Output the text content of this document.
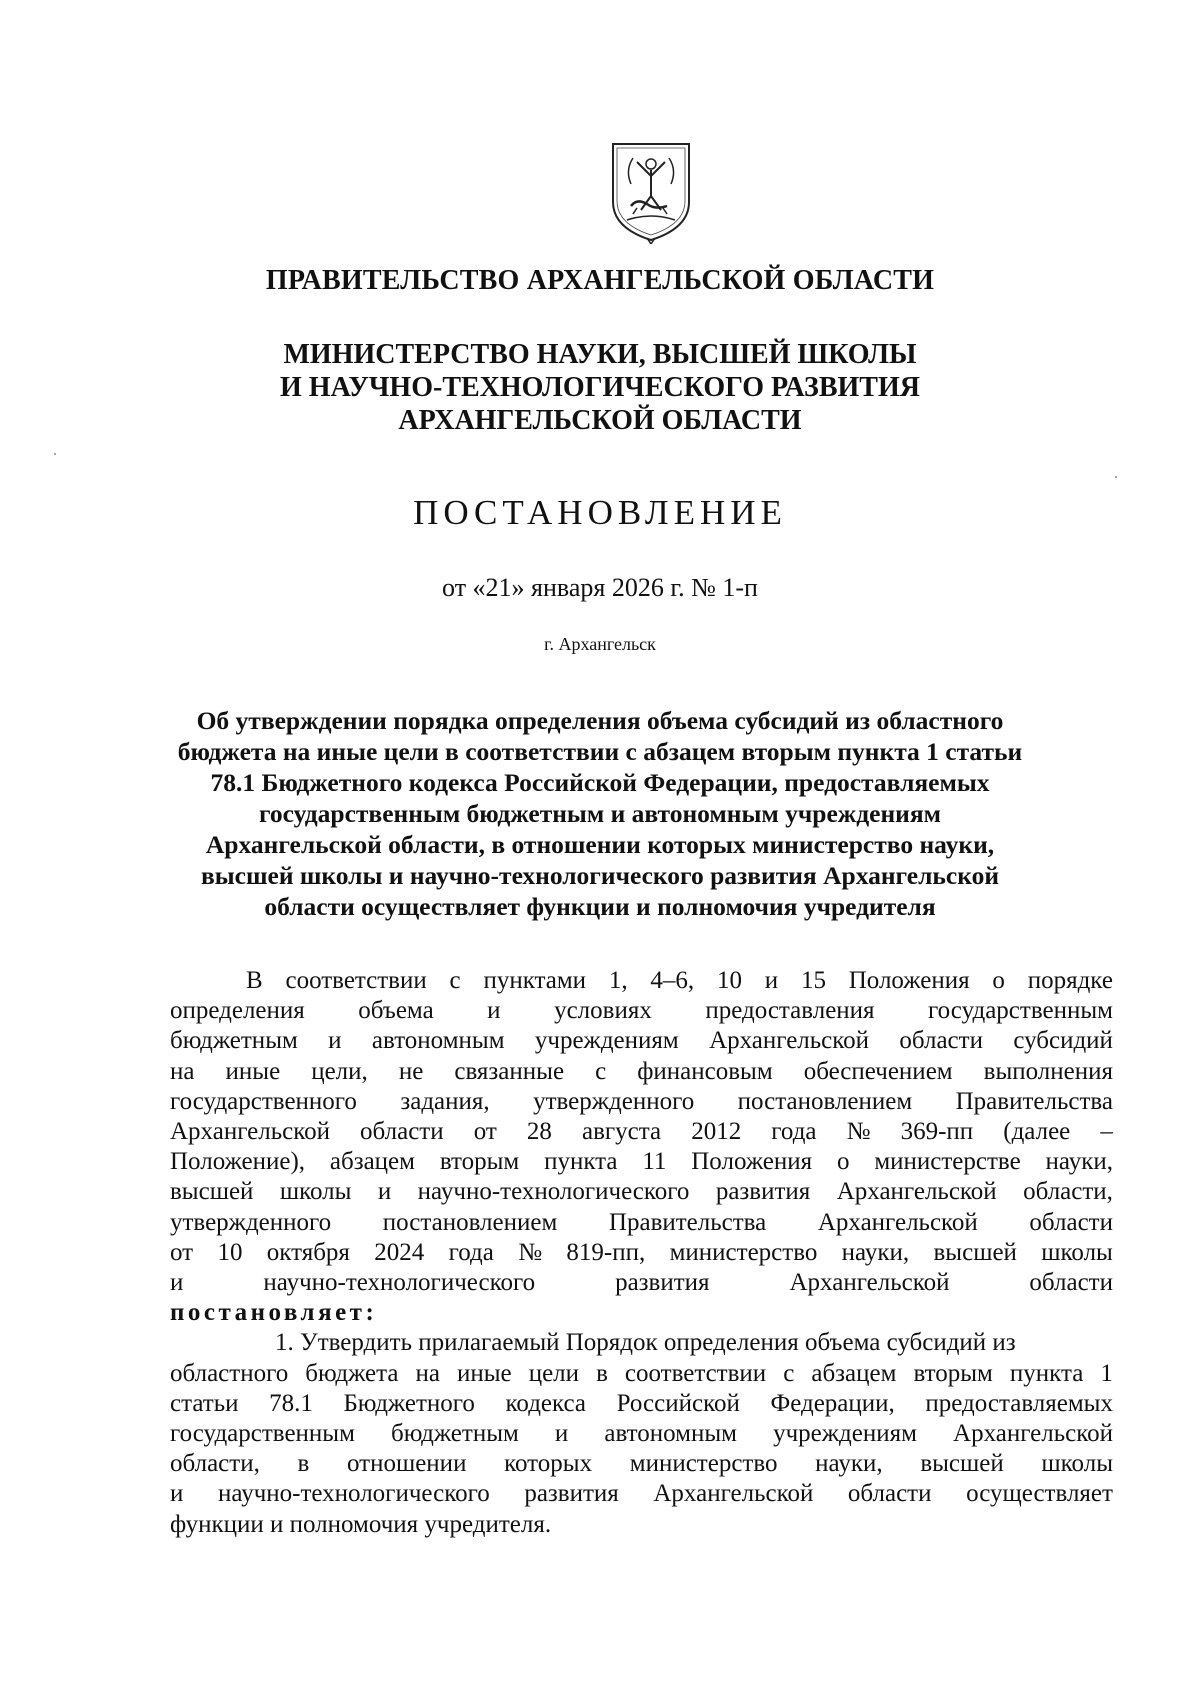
ПРАВИТЕЛЬСТВО АРХАНГЕЛЬСКОЙ ОБЛАСТИ
МИНИСТЕРСТВО НАУКИ, ВЫСШЕЙ ШКОЛЫ
И НАУЧНО-ТЕХНОЛОГИЧЕСКОГО РАЗВИТИЯ
АРХАНГЕЛЬСКОЙ ОБЛАСТИ
ПОСТАНОВЛЕНИЕ
от «21» января 2026 г. № 1-п
г. Архангельск
Об утверждении порядка определения объема субсидий из областного
бюджета на иные цели в соответствии с абзацем вторым пункта 1 статьи
78.1 Бюджетного кодекса Российской Федерации, предоставляемых
государственным бюджетным и автономным учреждениям
Архангельской области, в отношении которых министерство науки,
высшей школы и научно-технологического развития Архангельской
области осуществляет функции и полномочия учредителя
В соответствии с пунктами 1, 4–6, 10 и 15 Положения о порядке
определения объема и условиях предоставления государственным
бюджетным и автономным учреждениям Архангельской области субсидий
на иные цели, не связанные с финансовым обеспечением выполнения
государственного задания, утвержденного постановлением Правительства
Архангельской области от 28 августа 2012 года № 369-пп (далее –
Положение), абзацем вторым пункта 11 Положения о министерстве науки,
высшей школы и научно-технологического развития Архангельской области,
утвержденного постановлением Правительства Архангельской области
от 10 октября 2024 года № 819-пп, министерство науки, высшей школы
и	научно-технологического	развития	Архангельской	области
постановляет:
1. Утвердить прилагаемый Порядок определения объема субсидий из
областного бюджета на иные цели в соответствии с абзацем вторым пункта 1
статьи 78.1 Бюджетного кодекса Российской Федерации, предоставляемых
государственным бюджетным и автономным учреждениям Архангельской
области, в отношении которых министерство науки, высшей школы
и научно-технологического развития Архангельской области осуществляет
функции и полномочия учредителя.
